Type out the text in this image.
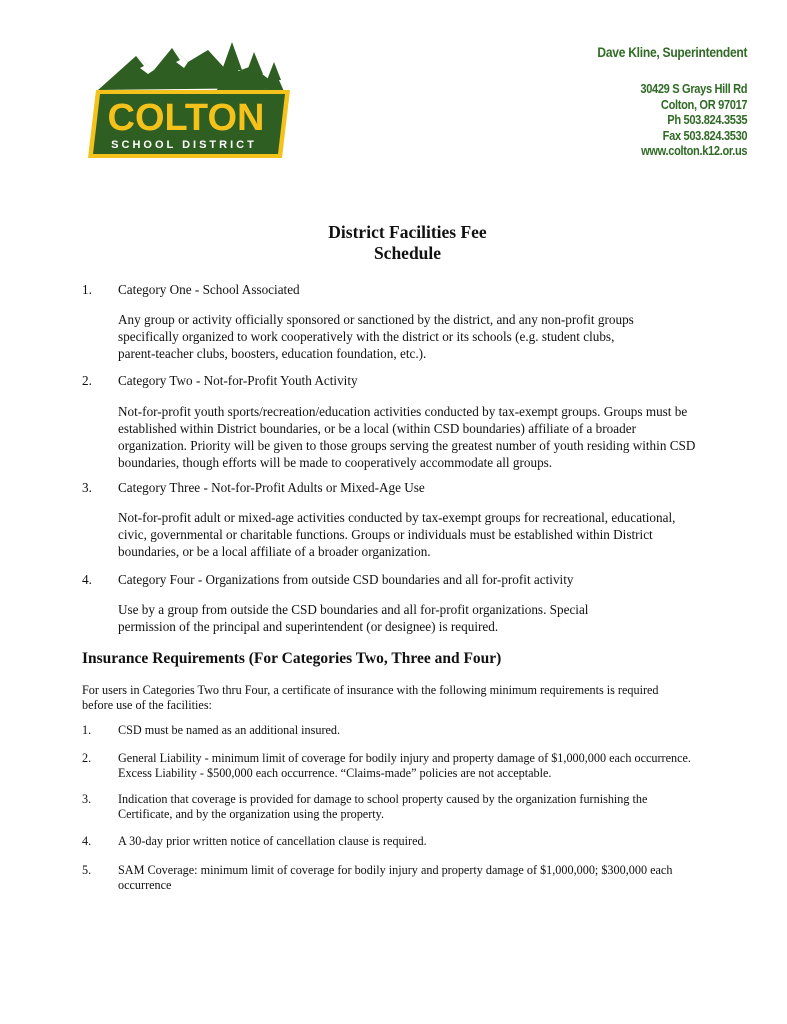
COLTON
SCHOOL DISTRICT
Dave Kline, Superintendent
30429 S Grays Hill Rd
Colton, OR 97017
Ph 503.824.3535
Fax 503.824.3530
www.colton.k12.or.us
District Facilities Fee
Schedule
1. Category One - School Associated
Any group or activity officially sponsored or sanctioned by the district, and any non-profit groups
specifically organized to work cooperatively with the district or its schools (e.g. student clubs,
parent-teacher clubs, boosters, education foundation, etc.).
2. Category Two - Not-for-Profit Youth Activity
Not-for-profit youth sports/recreation/education activities conducted by tax-exempt groups. Groups must be
established within District boundaries, or be a local (within CSD boundaries) affiliate of a broader
organization. Priority will be given to those groups serving the greatest number of youth residing within CSD
boundaries, though efforts will be made to cooperatively accommodate all groups.
3. Category Three - Not-for-Profit Adults or Mixed-Age Use
Not-for-profit adult or mixed-age activities conducted by tax-exempt groups for recreational, educational,
civic, governmental or charitable functions. Groups or individuals must be established within District
boundaries, or be a local affiliate of a broader organization.
4. Category Four - Organizations from outside CSD boundaries and all for-profit activity
Use by a group from outside the CSD boundaries and all for-profit organizations. Special
permission of the principal and superintendent (or designee) is required.
Insurance Requirements (For Categories Two, Three and Four)
For users in Categories Two thru Four, a certificate of insurance with the following minimum requirements is required
before use of the facilities:
1. CSD must be named as an additional insured.
2. General Liability - minimum limit of coverage for bodily injury and property damage of $1,000,000 each occurrence.
Excess Liability - $500,000 each occurrence. “Claims-made” policies are not acceptable.
3. Indication that coverage is provided for damage to school property caused by the organization furnishing the
Certificate, and by the organization using the property.
4. A 30-day prior written notice of cancellation clause is required.
5. SAM Coverage: minimum limit of coverage for bodily injury and property damage of $1,000,000; $300,000 each
occurrence
